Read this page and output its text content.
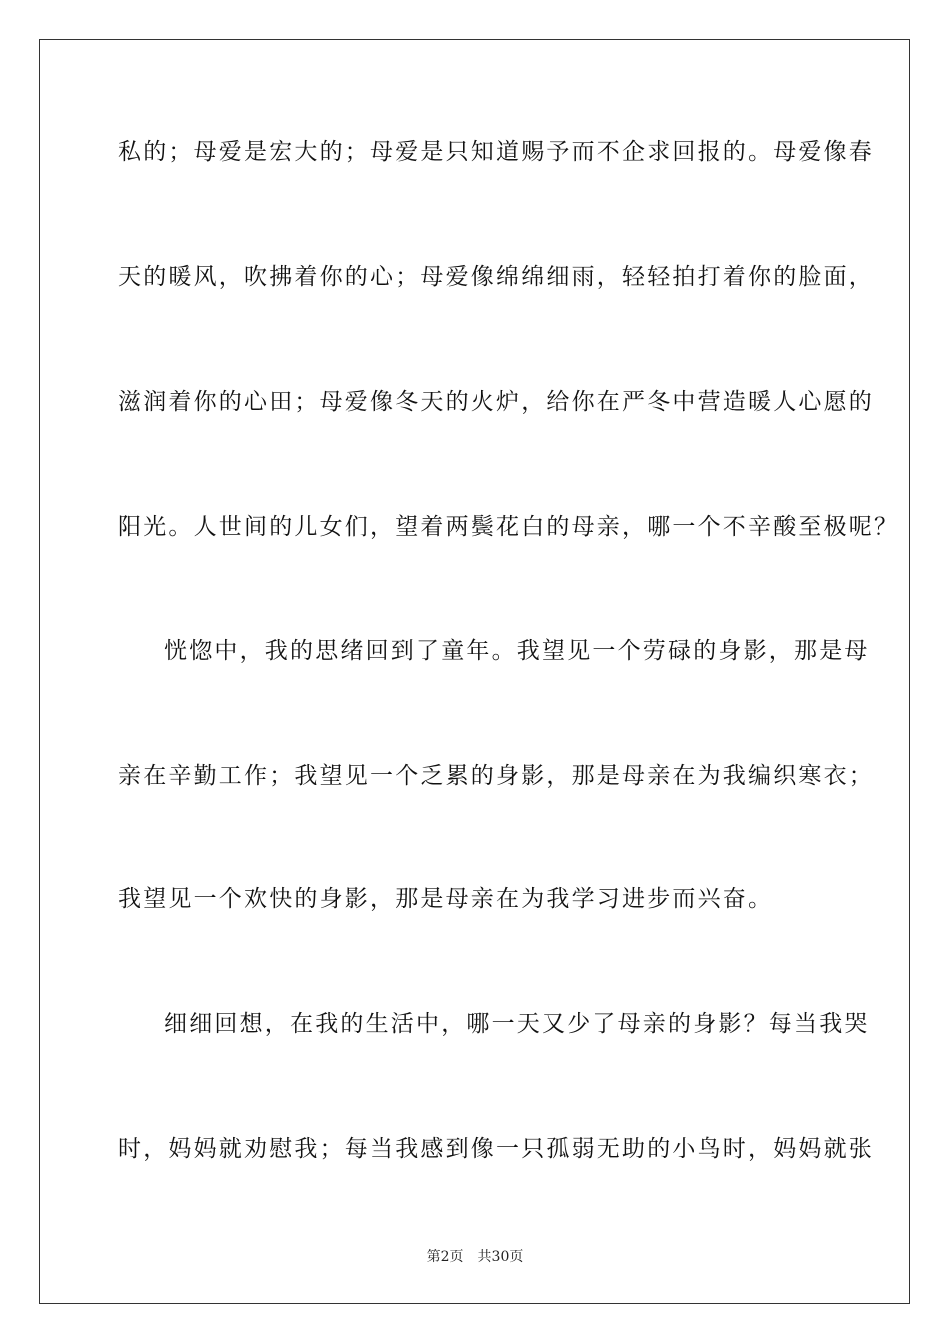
私的；母爱是宏大的；母爱是只知道赐予而不企求回报的。母爱像春
天的暖风，吹拂着你的心；母爱像绵绵细雨，轻轻拍打着你的脸面，
滋润着你的心田；母爱像冬天的火炉，给你在严冬中营造暖人心愿的
阳光。人世间的儿女们，望着两鬓花白的母亲，哪一个不辛酸至极呢？
恍惚中，我的思绪回到了童年。我望见一个劳碌的身影，那是母
亲在辛勤工作；我望见一个乏累的身影，那是母亲在为我编织寒衣；
我望见一个欢快的身影，那是母亲在为我学习进步而兴奋。
细细回想，在我的生活中，哪一天又少了母亲的身影？每当我哭
时，妈妈就劝慰我；每当我感到像一只孤弱无助的小鸟时，妈妈就张
第2页 共30页
